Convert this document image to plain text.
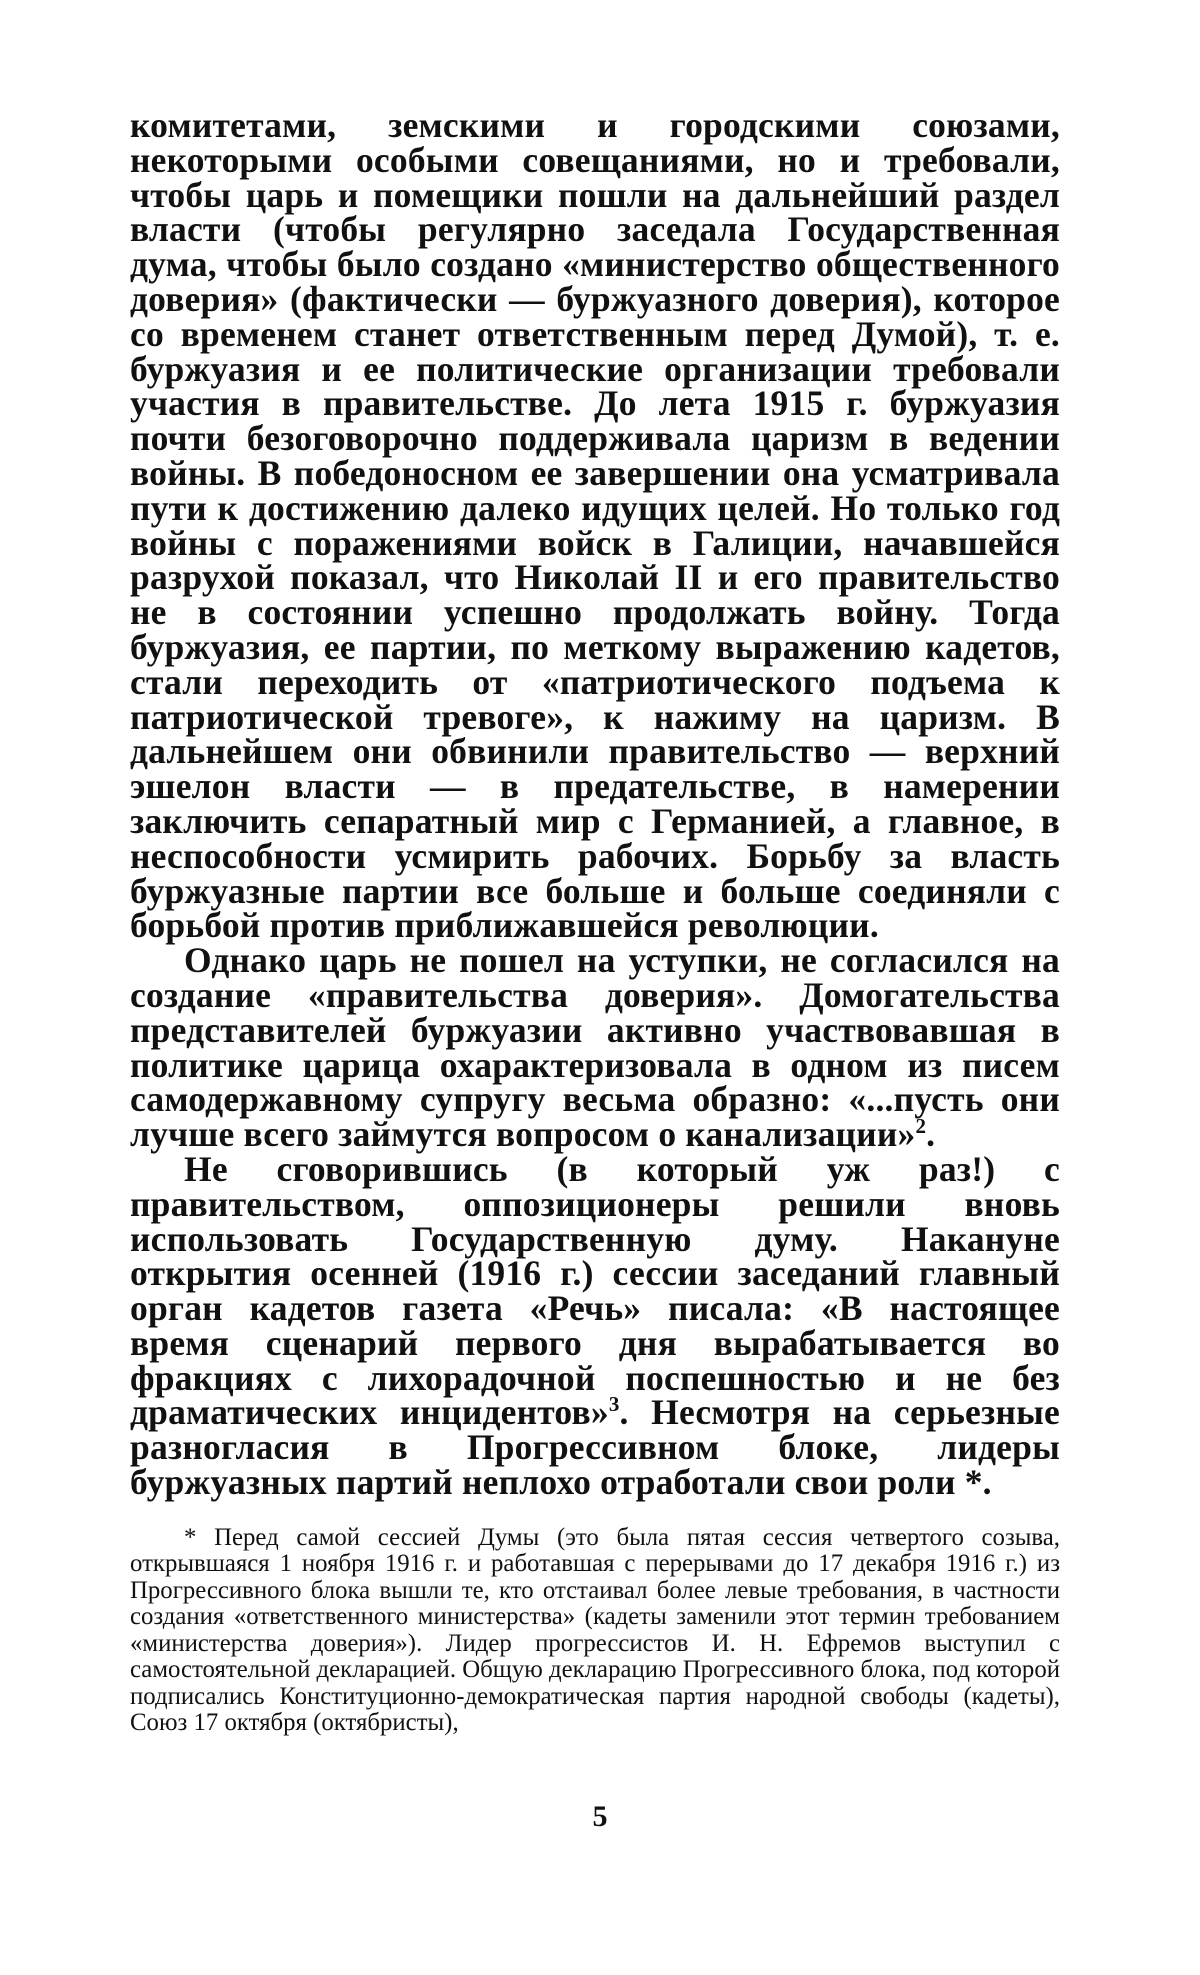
комитетами, земскими и городскими союзами, некоторыми особыми совещаниями, но и требовали, чтобы царь и помещики пошли на дальнейший раздел власти (чтобы регулярно заседала Государственная дума, чтобы было создано «министерство общественного доверия» (фактически — буржуазного доверия), которое со временем станет ответственным перед Думой), т. е. буржуазия и ее политические организации требовали участия в правительстве. До лета 1915 г. буржуазия почти безоговорочно поддерживала царизм в ведении войны. В победоносном ее завершении она усматривала пути к достижению далеко идущих целей. Но только год войны с поражениями войск в Галиции, начавшейся разрухой показал, что Николай II и его правительство не в состоянии успешно продолжать войну. Тогда буржуазия, ее партии, по меткому выражению кадетов, стали переходить от «патриотического подъема к патриотической тревоге», к нажиму на царизм. В дальнейшем они обвинили правительство — верхний эшелон власти — в предательстве, в намерении заключить сепаратный мир с Германией, а главное, в неспособности усмирить рабочих. Борьбу за власть буржуазные партии все больше и больше соединяли с борьбой против приближавшейся революции.

Однако царь не пошел на уступки, не согласился на создание «правительства доверия». Домогательства представителей буржуазии активно участвовавшая в политике царица охарактеризовала в одном из писем самодержавному супругу весьма образно: «...пусть они лучше всего займутся вопросом о канализации»$^2$.

Не сговорившись (в который уж раз!) с правительством, оппозиционеры решили вновь использовать Государственную думу. Накануне открытия осенней (1916 г.) сессии заседаний главный орган кадетов газета «Речь» писала: «В настоящее время сценарий первого дня вырабатывается во фракциях с лихорадочной поспешностью и не без драматических инцидентов»$^3$. Несмотря на серьезные разногласия в Прогрессивном блоке, лидеры буржуазных партий неплохо отработали свои роли *.

* Перед самой сессией Думы (это была пятая сессия четвертого созыва, открывшаяся 1 ноября 1916 г. и работавшая с перерывами до 17 декабря 1916 г.) из Прогрессивного блока вышли те, кто отстаивал более левые требования, в частности создания «ответственного министерства» (кадеты заменили этот термин требованием «министерства доверия»). Лидер прогрессистов И. Н. Ефремов выступил с самостоятельной декларацией. Общую декларацию Прогрессивного блока, под которой подписались Конституционно-демократическая партия народной свободы (кадеты), Союз 17 октября (октябристы),
5
